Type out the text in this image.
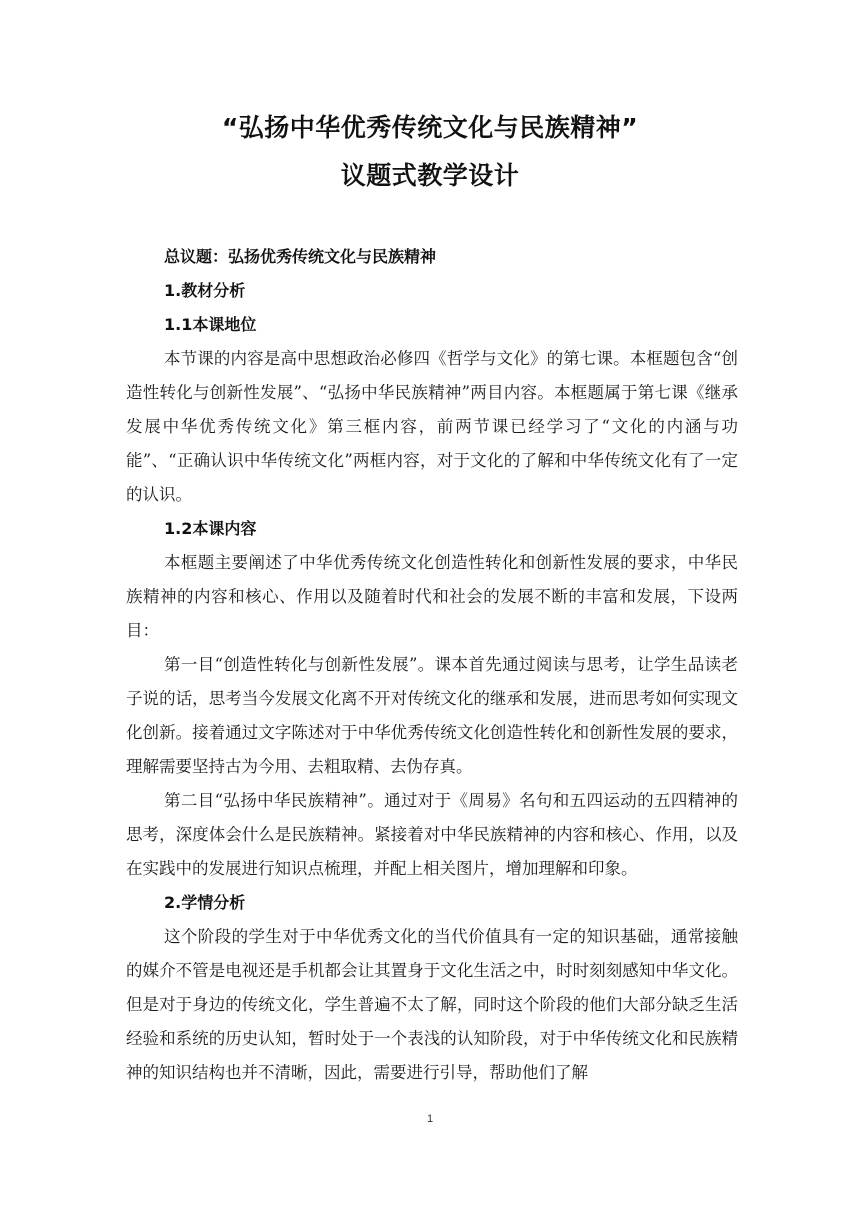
“弘扬中华优秀传统文化与民族精神”
议题式教学设计
总议题：弘扬优秀传统文化与民族精神
1.教材分析
1.1本课地位

本节课的内容是高中思想政治必修四《哲学与文化》的第七课。本框题包含“创造性转化与创新性发展”、“弘扬中华民族精神”两目内容。本框题属于第七课《继承发展中华优秀传统文化》第三框内容，前两节课已经学习了“文化的内涵与功能”、“正确认识中华传统文化”两框内容，对于文化的了解和中华传统文化有了一定的认识。

1.2本课内容

本框题主要阐述了中华优秀传统文化创造性转化和创新性发展的要求，中华民族精神的内容和核心、作用以及随着时代和社会的发展不断的丰富和发展，下设两目：

第一目“创造性转化与创新性发展”。课本首先通过阅读与思考，让学生品读老子说的话，思考当今发展文化离不开对传统文化的继承和发展，进而思考如何实现文化创新。接着通过文字陈述对于中华优秀传统文化创造性转化和创新性发展的要求，理解需要坚持古为今用、去粗取精、去伪存真。

第二目“弘扬中华民族精神”。通过对于《周易》名句和五四运动的五四精神的思考，深度体会什么是民族精神。紧接着对中华民族精神的内容和核心、作用，以及在实践中的发展进行知识点梳理，并配上相关图片，增加理解和印象。

2.学情分析

这个阶段的学生对于中华优秀文化的当代价值具有一定的知识基础，通常接触的媒介不管是电视还是手机都会让其置身于文化生活之中，时时刻刻感知中华文化。但是对于身边的传统文化，学生普遍不太了解，同时这个阶段的他们大部分缺乏生活经验和系统的历史认知，暂时处于一个表浅的认知阶段，对于中华传统文化和民族精神的知识结构也并不清晰，因此，需要进行引导，帮助他们了解

1
